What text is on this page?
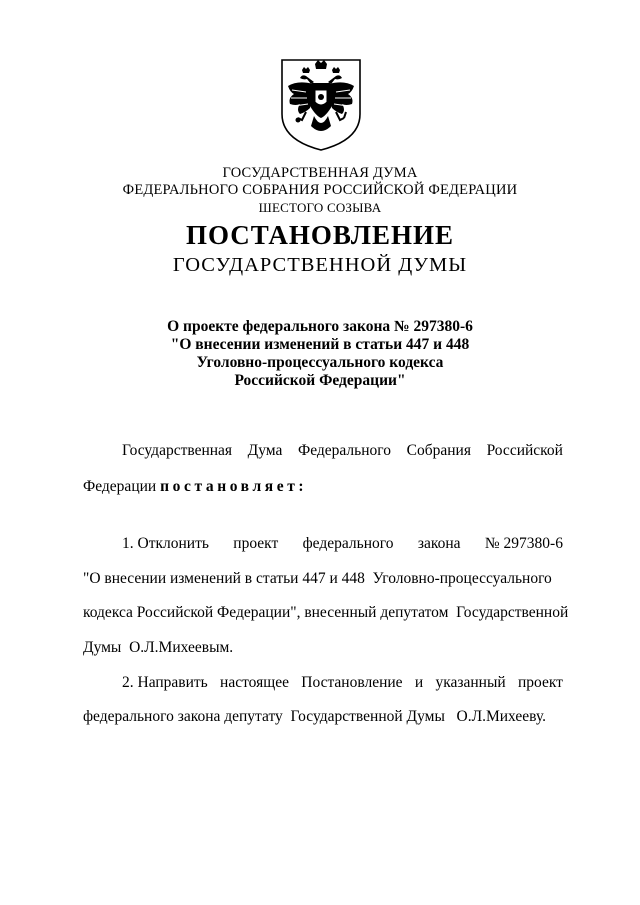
ГОСУДАРСТВЕННАЯ ДУМА
ФЕДЕРАЛЬНОГО СОБРАНИЯ РОССИЙСКОЙ ФЕДЕРАЦИИ
ШЕСТОГО СОЗЫВА
ПОСТАНОВЛЕНИЕ
ГОСУДАРСТВЕННОЙ ДУМЫ
О проекте федерального закона № 297380-6
"О внесении изменений в статьи 447 и 448
Уголовно-процессуального кодекса
Российской Федерации"
Государственная Дума Федерального Собрания Российской
Федерации постановляет:
1. Отклонить проект федерального закона № 297380-6
"О внесении изменений в статьи 447 и 448  Уголовно-процессуального
кодекса Российской Федерации", внесенный депутатом  Государственной
Думы  О.Л.Михеевым.
2. Направить настоящее Постановление и указанный проект
федерального закона депутату  Государственной Думы   О.Л.Михееву.
